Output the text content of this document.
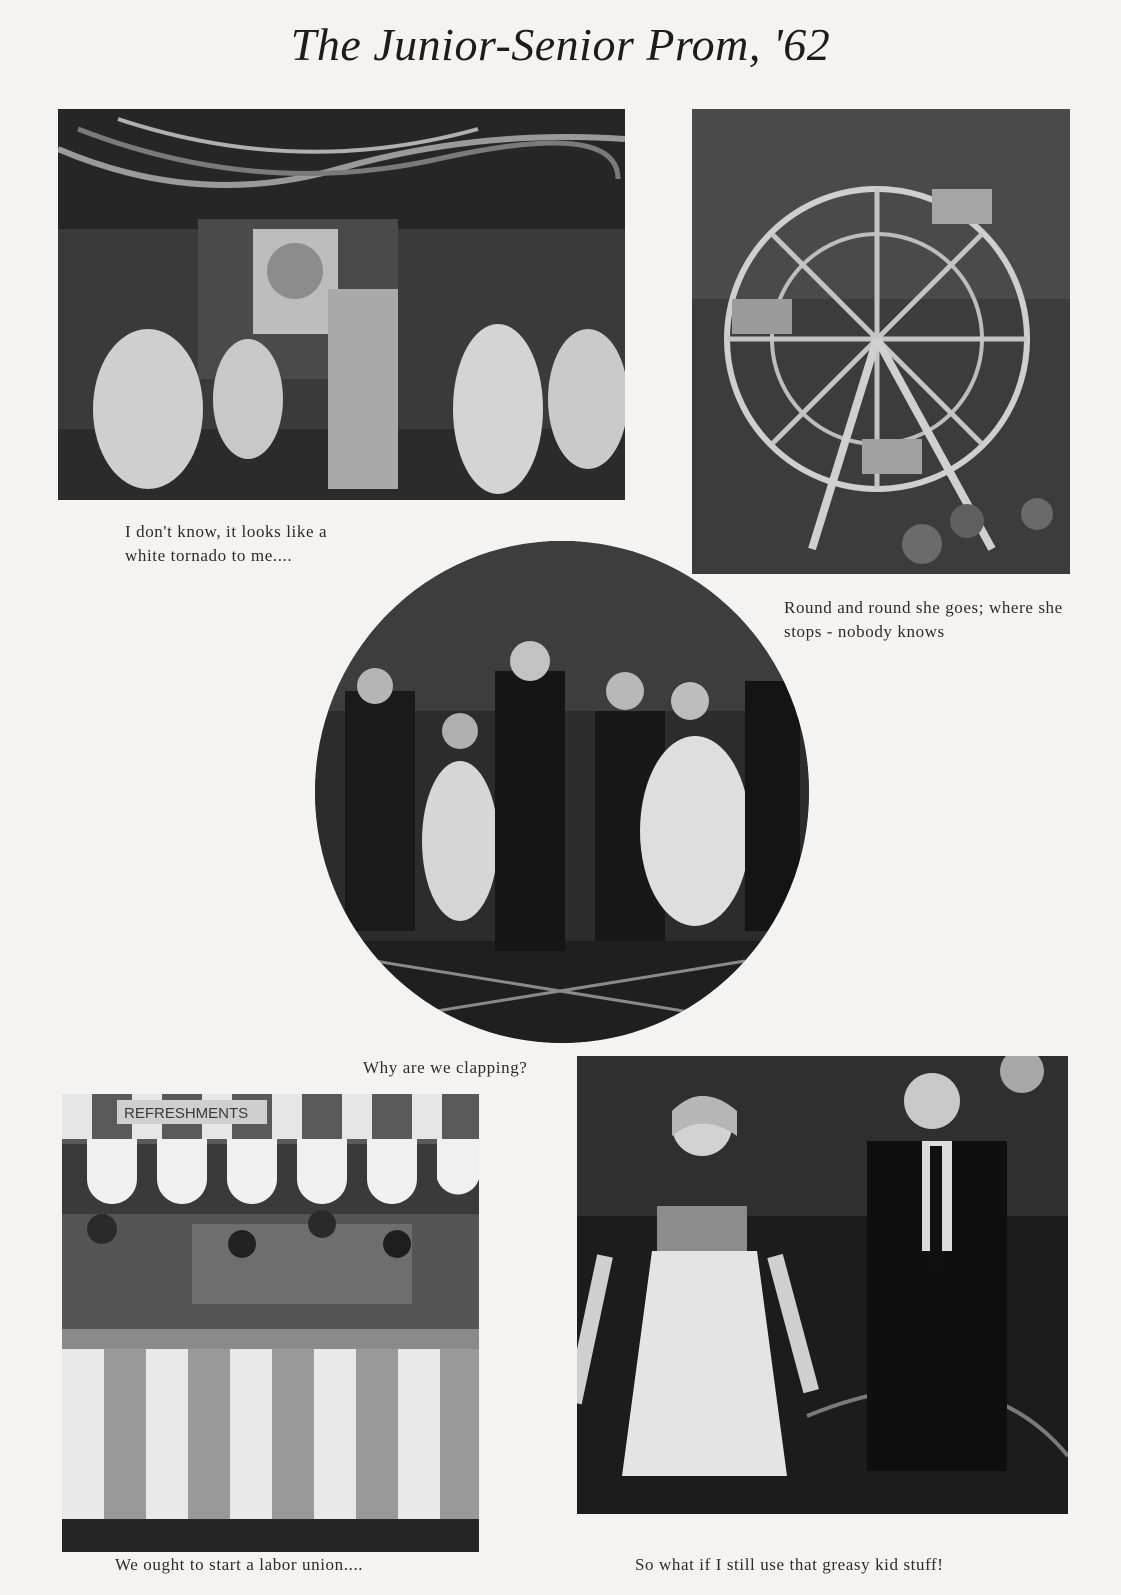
The Junior-Senior Prom, '62
I don't know, it looks like a white tornado to me....
Round and round she goes; where she stops - nobody knows
Why are we clapping?
REFRESHMENTS
We ought to start a labor union....	So what if I still use that greasy kid stuff!
